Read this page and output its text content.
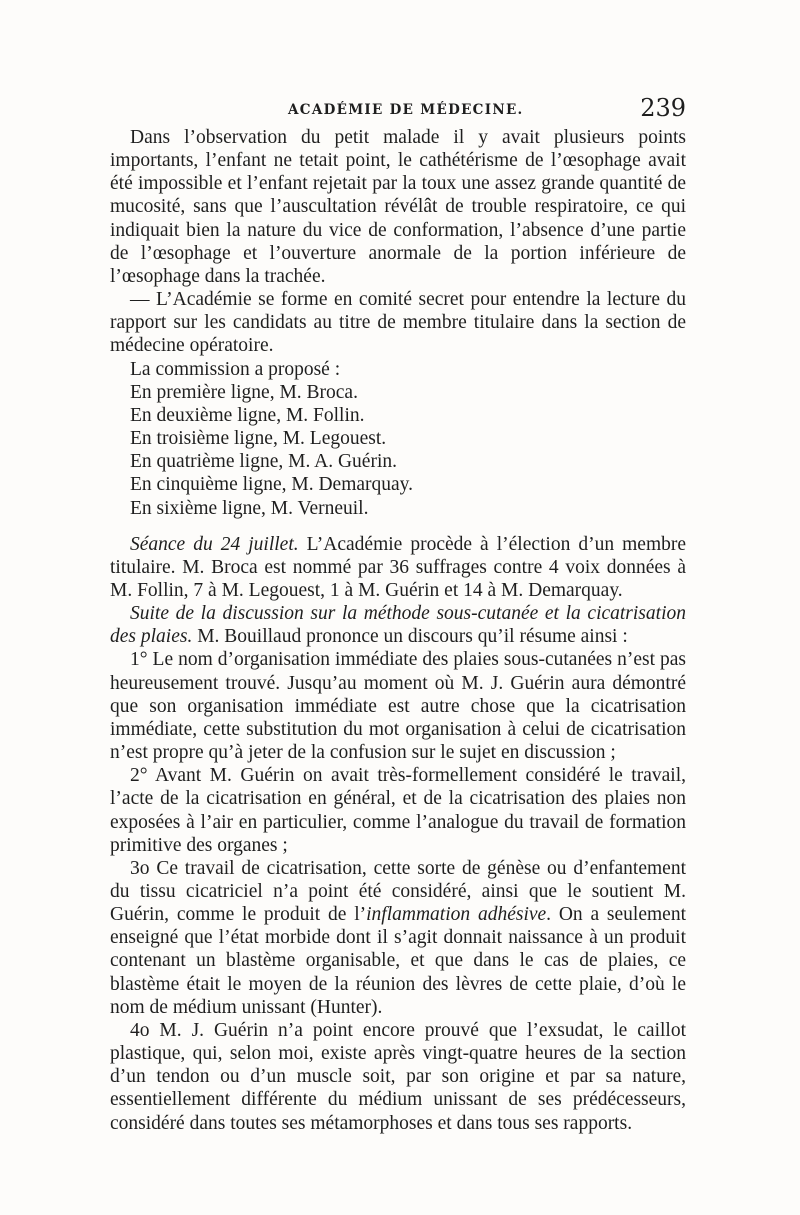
ACADÉMIE DE MÉDECINE.	239

Dans l’observation du petit malade il y avait plusieurs points importants, l’enfant ne tetait point, le cathétérisme de l’œsophage avait été impossible et l’enfant rejetait par la toux une assez grande quantité de mucosité, sans que l’auscultation révélât de trouble respiratoire, ce qui indiquait bien la nature du vice de conformation, l’absence d’une partie de l’œsophage et l’ouverture anormale de la portion inférieure de l’œsophage dans la trachée.

— L’Académie se forme en comité secret pour entendre la lecture du rapport sur les candidats au titre de membre titulaire dans la section de médecine opératoire.

La commission a proposé :

En première ligne, M. Broca.

En deuxième ligne, M. Follin.

En troisième ligne, M. Legouest.

En quatrième ligne, M. A. Guérin.

En cinquième ligne, M. Demarquay.

En sixième ligne, M. Verneuil.

Séance du 24 juillet. L’Académie procède à l’élection d’un membre titulaire. M. Broca est nommé par 36 suffrages contre 4 voix données à M. Follin, 7 à M. Legouest, 1 à M. Guérin et 14 à M. Demarquay.

Suite de la discussion sur la méthode sous-cutanée et la cicatrisation des plaies. M. Bouillaud prononce un discours qu’il résume ainsi :

1° Le nom d’organisation immédiate des plaies sous-cutanées n’est pas heureusement trouvé. Jusqu’au moment où M. J. Guérin aura démontré que son organisation immédiate est autre chose que la cicatrisation immédiate, cette substitution du mot organisation à celui de cicatrisation n’est propre qu’à jeter de la confusion sur le sujet en discussion ;

2° Avant M. Guérin on avait très-formellement considéré le travail, l’acte de la cicatrisation en général, et de la cicatrisation des plaies non exposées à l’air en particulier, comme l’analogue du travail de formation primitive des organes ;

3o Ce travail de cicatrisation, cette sorte de génèse ou d’enfantement du tissu cicatriciel n’a point été considéré, ainsi que le soutient M. Guérin, comme le produit de l’inflammation adhésive. On a seulement enseigné que l’état morbide dont il s’agit donnait naissance à un produit contenant un blastème organisable, et que dans le cas de plaies, ce blastème était le moyen de la réunion des lèvres de cette plaie, d’où le nom de médium unissant (Hunter).

4o M. J. Guérin n’a point encore prouvé que l’exsudat, le caillot plastique, qui, selon moi, existe après vingt-quatre heures de la section d’un tendon ou d’un muscle soit, par son origine et par sa nature, essentiellement différente du médium unissant de ses prédécesseurs, considéré dans toutes ses métamorphoses et dans tous ses rapports.
